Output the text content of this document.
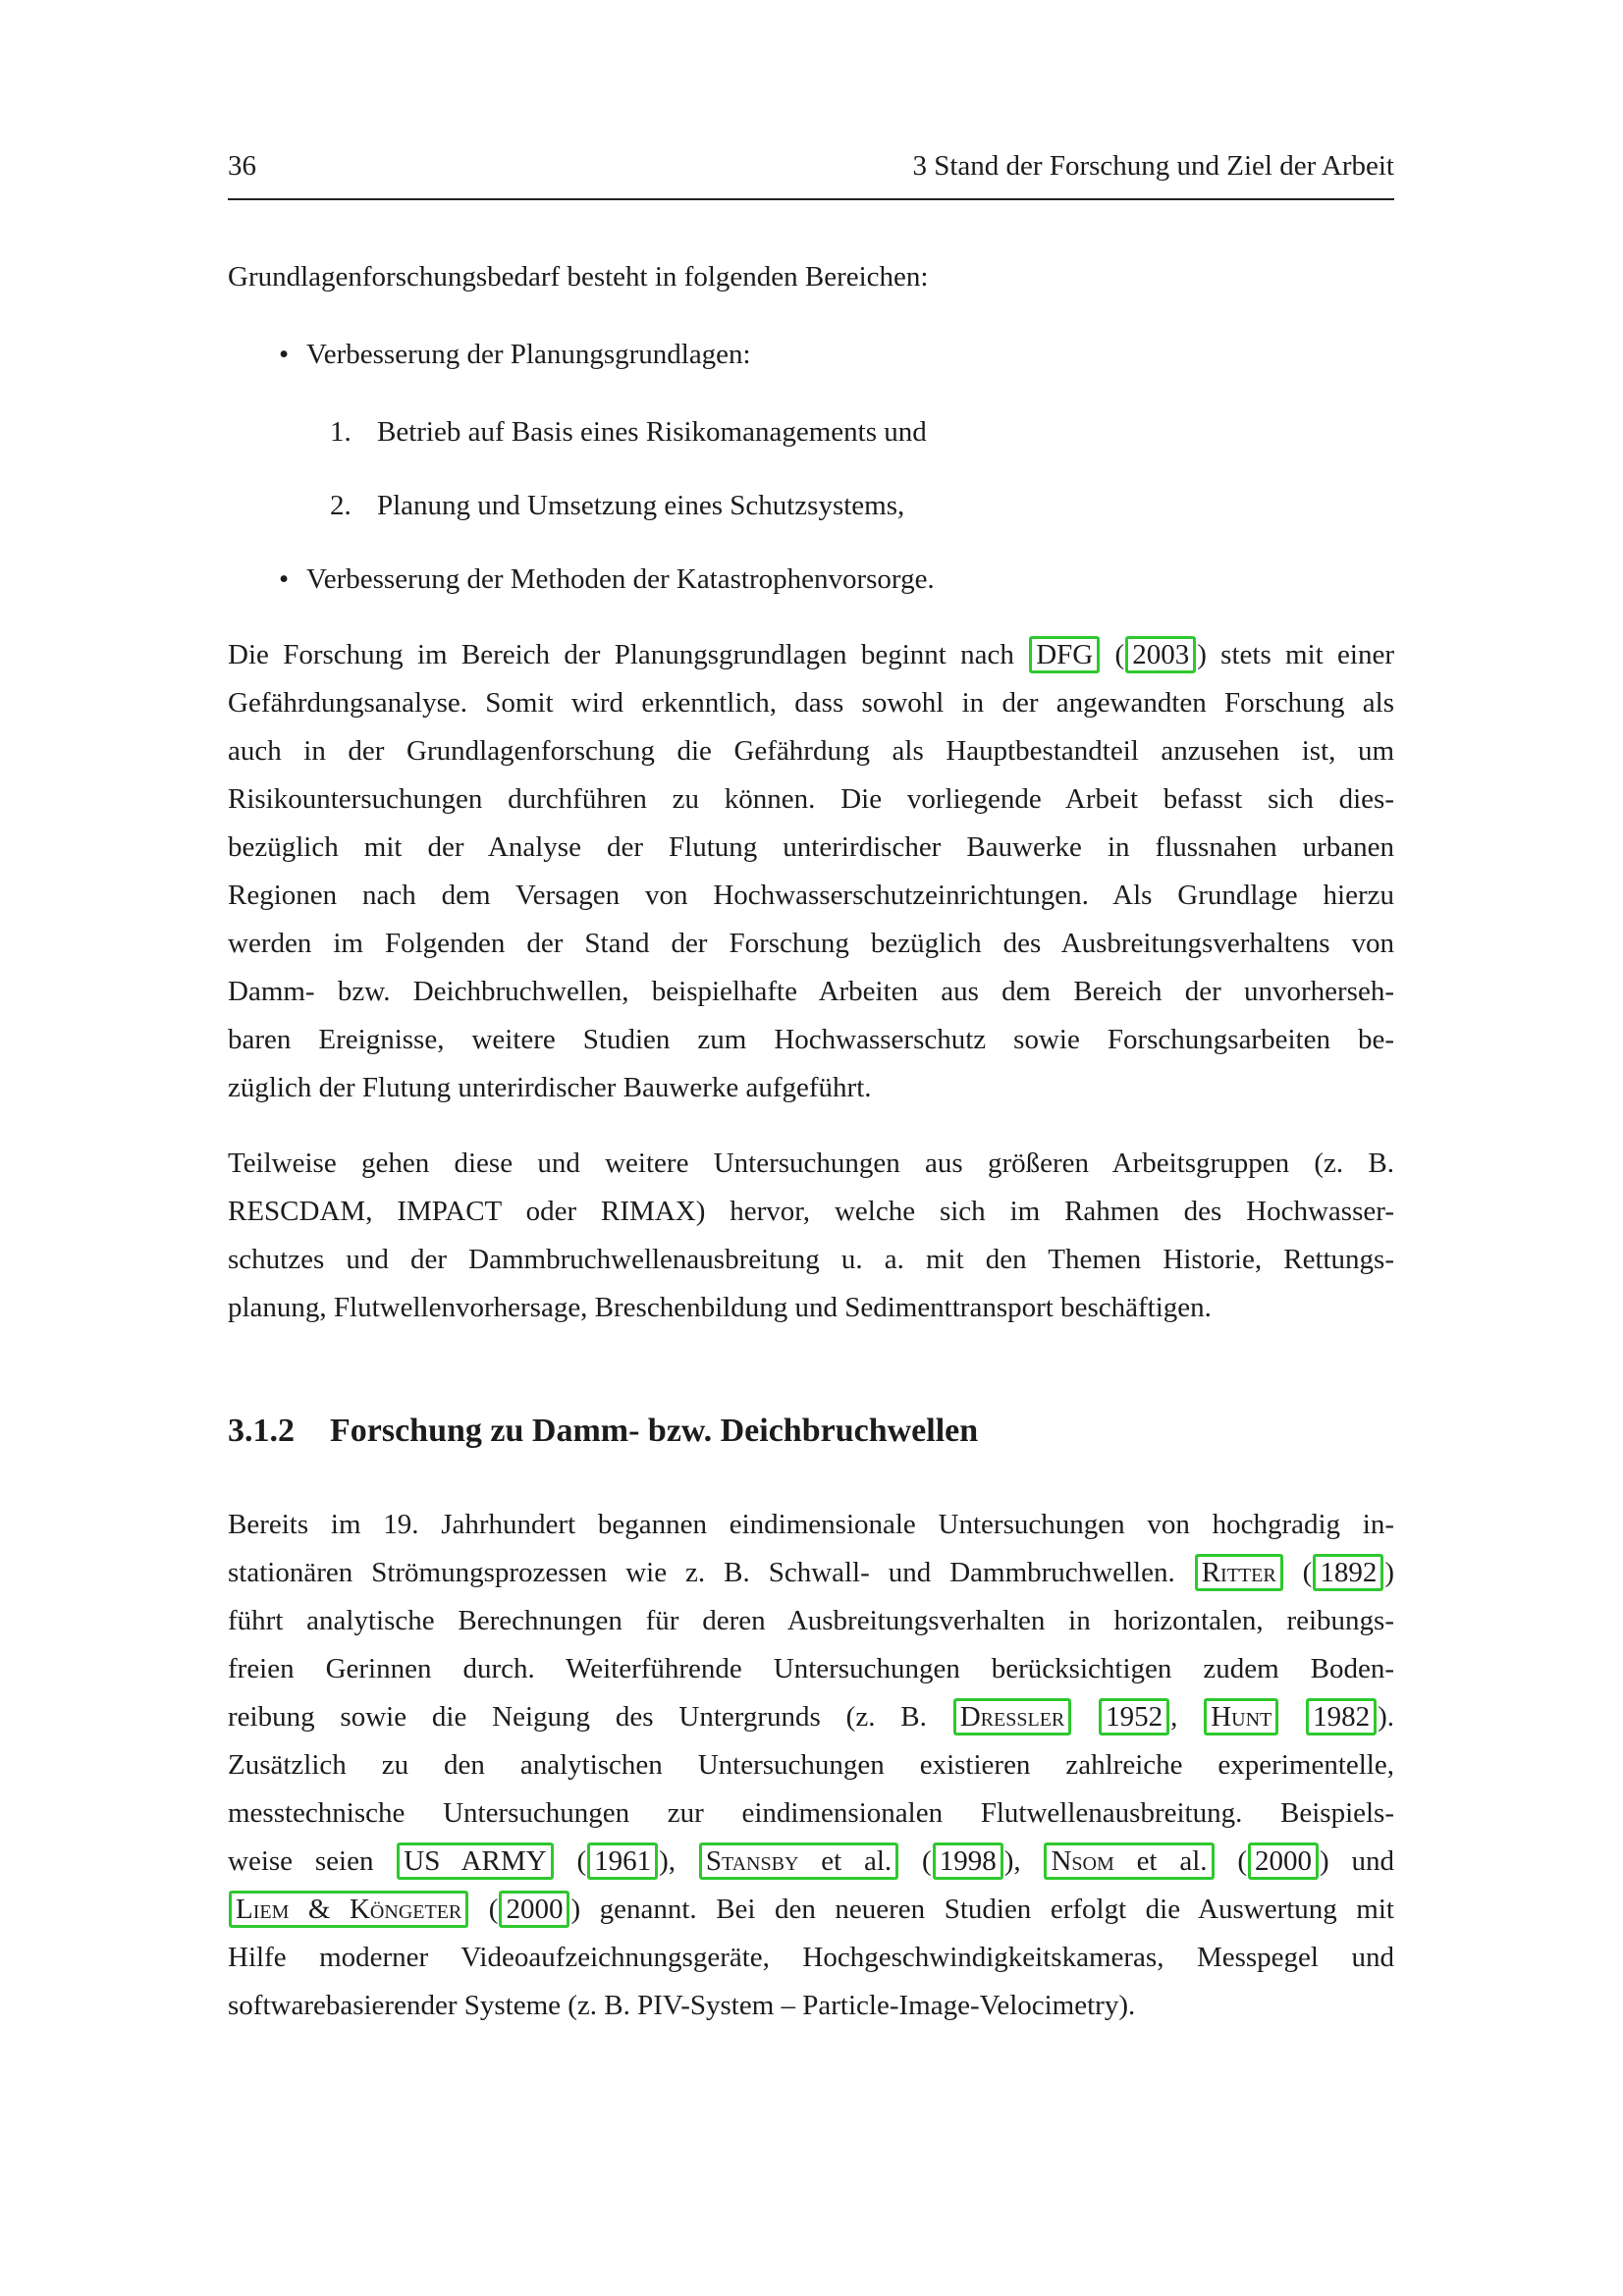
36	3 Stand der Forschung und Ziel der Arbeit
Grundlagenforschungsbedarf besteht in folgenden Bereichen:
• Verbesserung der Planungsgrundlagen:
1. Betrieb auf Basis eines Risikomanagements und
2. Planung und Umsetzung eines Schutzsystems,
• Verbesserung der Methoden der Katastrophenvorsorge.
Die Forschung im Bereich der Planungsgrundlagen beginnt nach DFG ( 2003 ) stets mit einer
Gefährdungsanalyse. Somit wird erkenntlich, dass sowohl in der angewandten Forschung als
auch in der Grundlagenforschung die Gefährdung als Hauptbestandteil anzusehen ist, um
Risikountersuchungen durchführen zu können. Die vorliegende Arbeit befasst sich dies-
bezüglich mit der Analyse der Flutung unterirdischer Bauwerke in flussnahen urbanen
Regionen nach dem Versagen von Hochwasserschutzeinrichtungen. Als Grundlage hierzu
werden im Folgenden der Stand der Forschung bezüglich des Ausbreitungsverhaltens von
Damm- bzw. Deichbruchwellen, beispielhafte Arbeiten aus dem Bereich der unvorherseh-
baren Ereignisse, weitere Studien zum Hochwasserschutz sowie Forschungsarbeiten be-
züglich der Flutung unterirdischer Bauwerke aufgeführt.
Teilweise gehen diese und weitere Untersuchungen aus größeren Arbeitsgruppen (z. B.
RESCDAM, IMPACT oder RIMAX) hervor, welche sich im Rahmen des Hochwasser-
schutzes und der Dammbruchwellenausbreitung u. a. mit den Themen Historie, Rettungs-
planung, Flutwellenvorhersage, Breschenbildung und Sedimenttransport beschäftigen.
3.1.2 Forschung zu Damm- bzw. Deichbruchwellen
Bereits im 19. Jahrhundert begannen eindimensionale Untersuchungen von hochgradig in-
stationären Strömungsprozessen wie z. B. Schwall- und Dammbruchwellen. Ritter ( 1892 )
führt analytische Berechnungen für deren Ausbreitungsverhalten in horizontalen, reibungs-
freien Gerinnen durch. Weiterführende Untersuchungen berücksichtigen zudem Boden-
reibung sowie die Neigung des Untergrunds (z. B. Dressler 1952 , Hunt 1982 ).
Zusätzlich zu den analytischen Untersuchungen existieren zahlreiche experimentelle,
messtechnische Untersuchungen zur eindimensionalen Flutwellenausbreitung. Beispiels-
weise seien US ARMY ( 1961 ), Stansby et al. ( 1998 ), Nsom et al. ( 2000 ) und
Liem & Köngeter ( 2000 ) genannt. Bei den neueren Studien erfolgt die Auswertung mit
Hilfe moderner Videoaufzeichnungsgeräte, Hochgeschwindigkeitskameras, Messpegel und
softwarebasierender Systeme (z. B. PIV-System – Particle-Image-Velocimetry).
